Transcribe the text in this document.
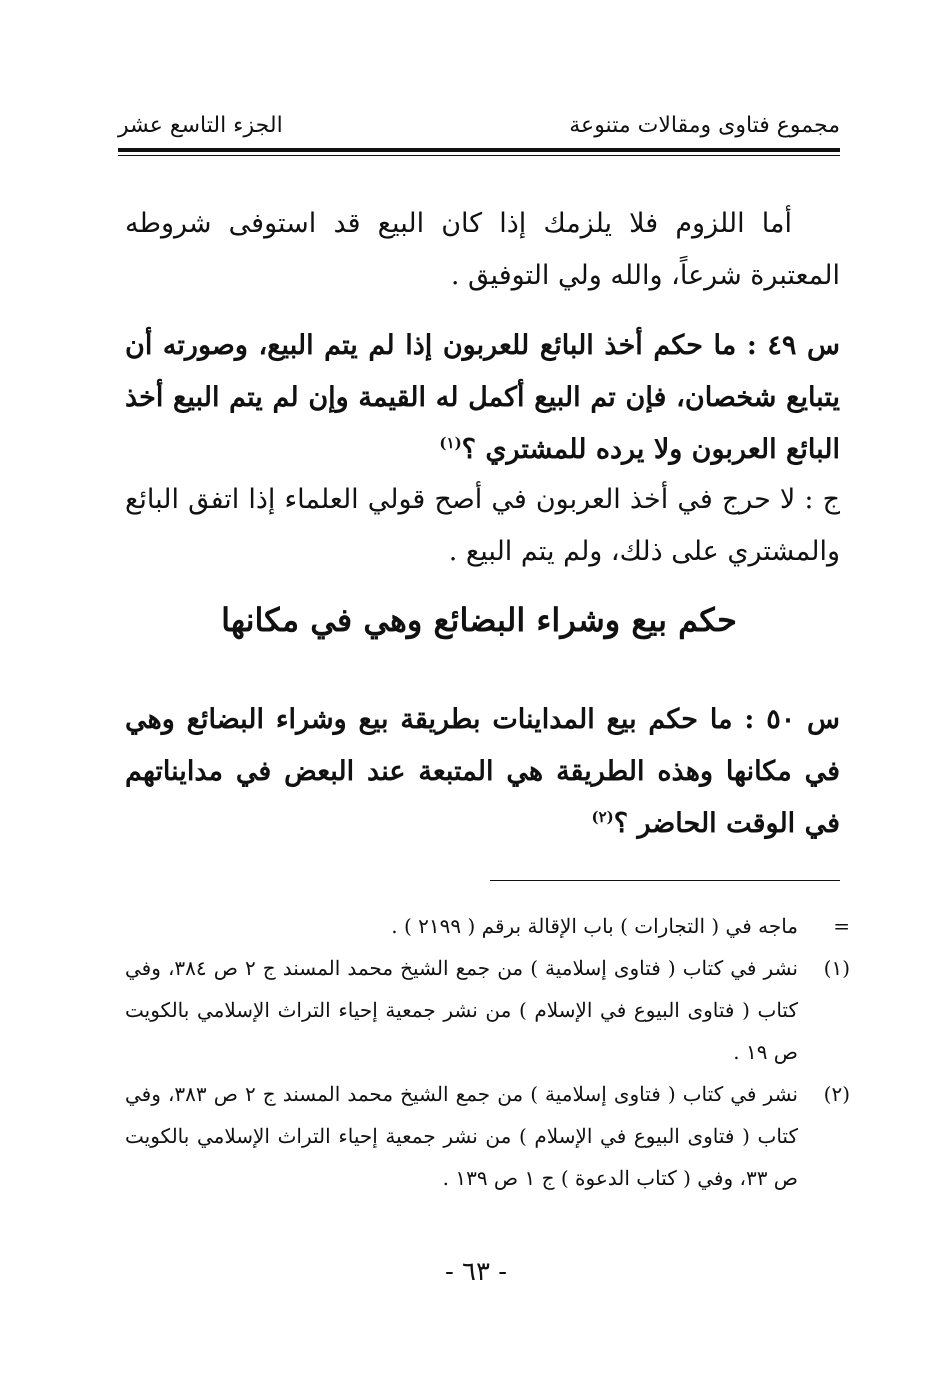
مجموع فتاوى ومقالات متنوعة
الجزء التاسع عشر
أما اللزوم فلا يلزمك إذا كان البيع قد استوفى شروطه المعتبرة شرعاً، والله ولي التوفيق .
س ٤٩ : ما حكم أخذ البائع للعربون إذا لم يتم البيع، وصورته أن يتبايع شخصان، فإن تم البيع أكمل له القيمة وإن لم يتم البيع أخذ البائع العربون ولا يرده للمشتري ؟$^{(١)}$
ج : لا حرج في أخذ العربون في أصح قولي العلماء إذا اتفق البائع والمشتري على ذلك، ولم يتم البيع .
حكم بيع وشراء البضائع وهي في مكانها
س ٥٠ : ما حكم بيع المداينات بطريقة بيع وشراء البضائع وهي في مكانها وهذه الطريقة هي المتبعة عند البعض في مدايناتهم في الوقت الحاضر ؟$^{(٢)}$
=
ماجه في ( التجارات ) باب الإقالة برقم ( ٢١٩٩ ) .
(١)
نشر في كتاب ( فتاوى إسلامية ) من جمع الشيخ محمد المسند ج ٢ ص ٣٨٤، وفي كتاب ( فتاوى البيوع في الإسلام ) من نشر جمعية إحياء التراث الإسلامي بالكويت ص ١٩ .
(٢)
نشر في كتاب ( فتاوى إسلامية ) من جمع الشيخ محمد المسند ج ٢ ص ٣٨٣، وفي كتاب ( فتاوى البيوع في الإسلام ) من نشر جمعية إحياء التراث الإسلامي بالكويت ص ٣٣، وفي ( كتاب الدعوة ) ج ١ ص ١٣٩ .
- ٦٣ -
